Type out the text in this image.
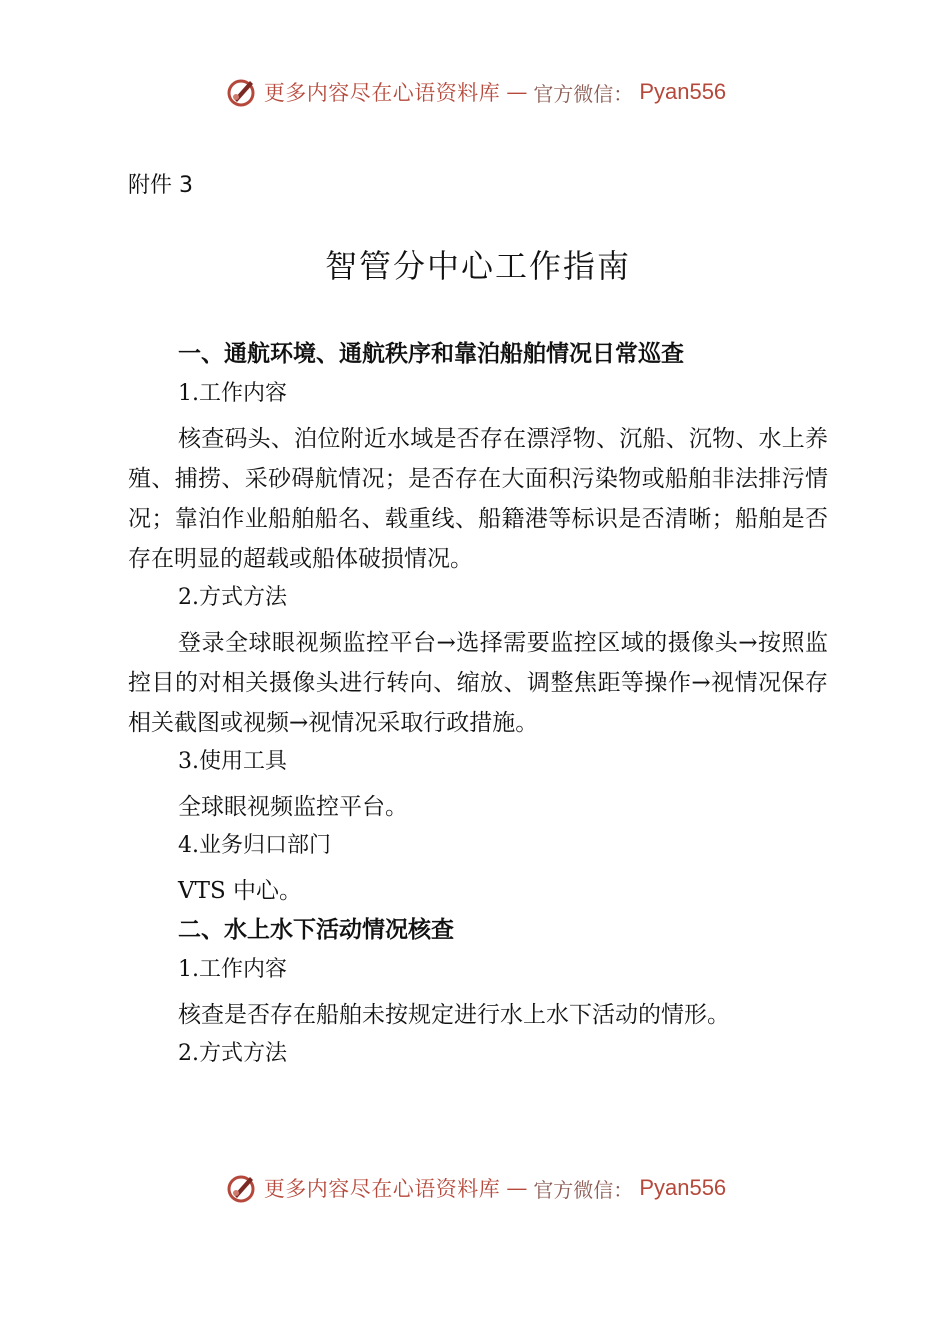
更多内容尽在心语资料库 — 官方微信： Pyan556
附件 3
智管分中心工作指南
一、通航环境、通航秩序和靠泊船舶情况日常巡查
1.工作内容

核查码头、泊位附近水域是否存在漂浮物、沉船、沉物、水上养殖、捕捞、采砂碍航情况；是否存在大面积污染物或船舶非法排污情况；靠泊作业船舶船名、载重线、船籍港等标识是否清晰；船舶是否存在明显的超载或船体破损情况。

2.方式方法

登录全球眼视频监控平台→选择需要监控区域的摄像头→按照监控目的对相关摄像头进行转向、缩放、调整焦距等操作→视情况保存相关截图或视频→视情况采取行政措施。

3.使用工具

全球眼视频监控平台。

4.业务归口部门

VTS 中心。

二、水上水下活动情况核查
1.工作内容

核查是否存在船舶未按规定进行水上水下活动的情形。

2.方式方法
更多内容尽在心语资料库 — 官方微信： Pyan556
